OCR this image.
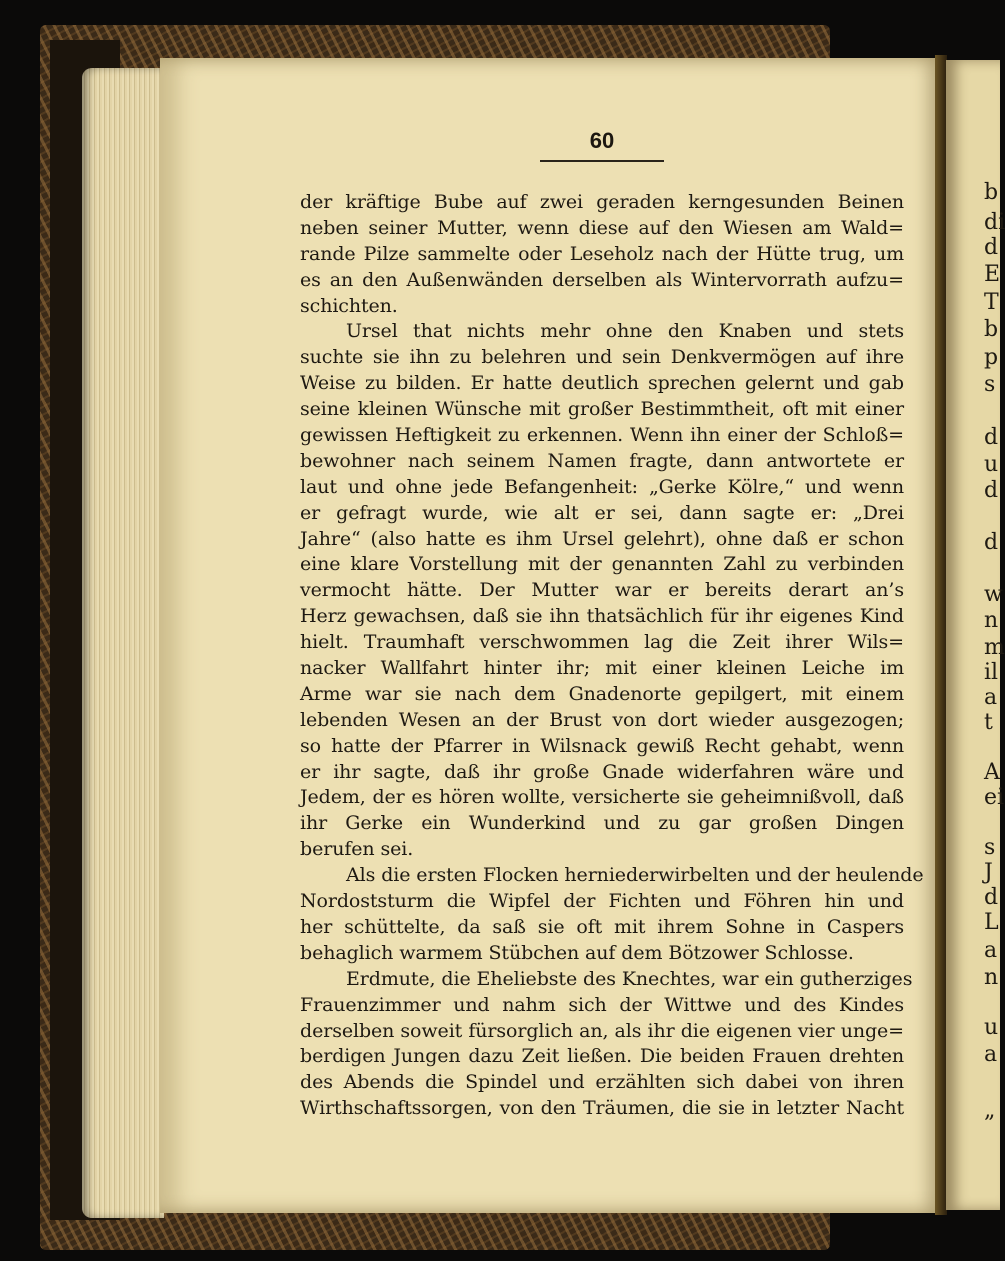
b
di
d
E
T
b
p
s
d
u
d
d
w
n
m
il
a
t
A
ei
s
J
d
L
a
n
u
a
„
60
der kräftige Bube auf zwei geraden kerngesunden Beinen
neben seiner Mutter, wenn diese auf den Wiesen am Wald=
rande Pilze sammelte oder Leseholz nach der Hütte trug, um
es an den Außenwänden derselben als Wintervorrath aufzu=
schichten.
Ursel that nichts mehr ohne den Knaben und stets
suchte sie ihn zu belehren und sein Denkvermögen auf ihre
Weise zu bilden. Er hatte deutlich sprechen gelernt und gab
seine kleinen Wünsche mit großer Bestimmtheit, oft mit einer
gewissen Heftigkeit zu erkennen. Wenn ihn einer der Schloß=
bewohner nach seinem Namen fragte, dann antwortete er
laut und ohne jede Befangenheit: „Gerke Kölre,“ und wenn
er gefragt wurde, wie alt er sei, dann sagte er: „Drei
Jahre“ (also hatte es ihm Ursel gelehrt), ohne daß er schon
eine klare Vorstellung mit der genannten Zahl zu verbinden
vermocht hätte. Der Mutter war er bereits derart an’s
Herz gewachsen, daß sie ihn thatsächlich für ihr eigenes Kind
hielt. Traumhaft verschwommen lag die Zeit ihrer Wils=
nacker Wallfahrt hinter ihr; mit einer kleinen Leiche im
Arme war sie nach dem Gnadenorte gepilgert, mit einem
lebenden Wesen an der Brust von dort wieder ausgezogen;
so hatte der Pfarrer in Wilsnack gewiß Recht gehabt, wenn
er ihr sagte, daß ihr große Gnade widerfahren wäre und
Jedem, der es hören wollte, versicherte sie geheimnißvoll, daß
ihr Gerke ein Wunderkind und zu gar großen Dingen
berufen sei.
Als die ersten Flocken herniederwirbelten und der heulende
Nordoststurm die Wipfel der Fichten und Föhren hin und
her schüttelte, da saß sie oft mit ihrem Sohne in Caspers
behaglich warmem Stübchen auf dem Bötzower Schlosse.
Erdmute, die Eheliebste des Knechtes, war ein gutherziges
Frauenzimmer und nahm sich der Wittwe und des Kindes
derselben soweit fürsorglich an, als ihr die eigenen vier unge=
berdigen Jungen dazu Zeit ließen. Die beiden Frauen drehten
des Abends die Spindel und erzählten sich dabei von ihren
Wirthschaftssorgen, von den Träumen, die sie in letzter Nacht
